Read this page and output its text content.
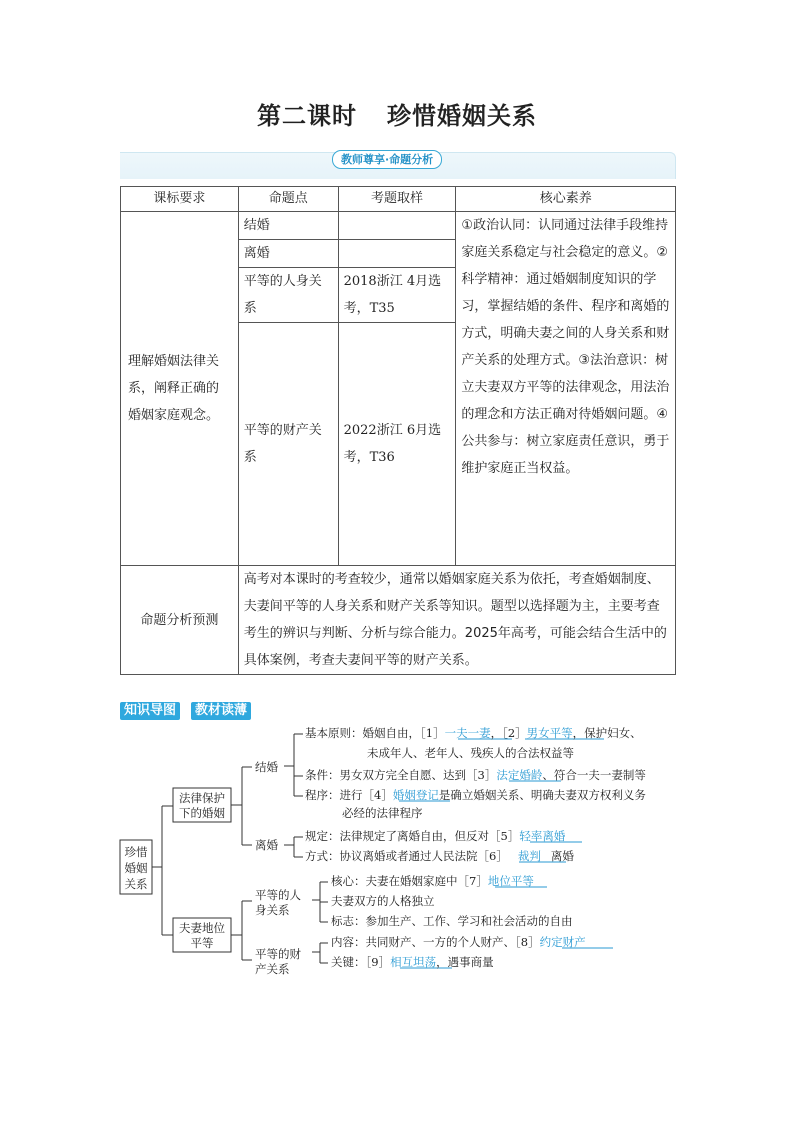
第二课时 珍惜婚姻关系
教师尊享·命题分析
课标要求	命题点	考题取样	核心素养

理解婚姻法律关系，阐释正确的婚姻家庭观念。	结婚		①政治认同：认同通过法律手段维持家庭关系稳定与社会稳定的意义。②科学精神：通过婚姻制度知识的学习，掌握结婚的条件、程序和离婚的方式，明确夫妻之间的人身关系和财产关系的处理方式。③法治意识：树立夫妻双方平等的法律观念，用法治的理念和方法正确对待婚姻问题。④公共参与：树立家庭责任意识，勇于维护家庭正当权益。
	离婚		
	平等的人身关系	2018浙江 4月选考，T35	
	平等的财产关系	2022浙江 6月选考，T36	
命题分析预测	高考对本课时的考查较少，通常以婚姻家庭关系为依托，考查婚姻制度、夫妻间平等的人身关系和财产关系等知识。题型以选择题为主，主要考查考生的辨识与判断、分析与综合能力。2025年高考，可能会结合生活中的具体案例，考查夫妻间平等的财产关系。		
知识导图	教材读薄
珍惜
婚姻
关系
法律保护
下的婚姻
夫妻地位
平等
结婚
离婚
平等的人
身关系
平等的财
产关系
基本原则：婚姻自由，［1］一夫一妻，［2］男女平等，保护妇女、
未成年人、老年人、残疾人的合法权益等
条件：男女双方完全自愿、达到［3］法定婚龄、符合一夫一妻制等
程序：进行［4］婚姻登记是确立婚姻关系、明确夫妻双方权利义务
必经的法律程序
规定：法律规定了离婚自由，但反对［5］轻率离婚
方式：协议离婚或者通过人民法院［6］ 裁判 离婚
核心：夫妻在婚姻家庭中［7］地位平等
夫妻双方的人格独立
标志：参加生产、工作、学习和社会活动的自由
内容：共同财产、一方的个人财产、［8］约定财产
关键：［9］相互坦荡，遇事商量
